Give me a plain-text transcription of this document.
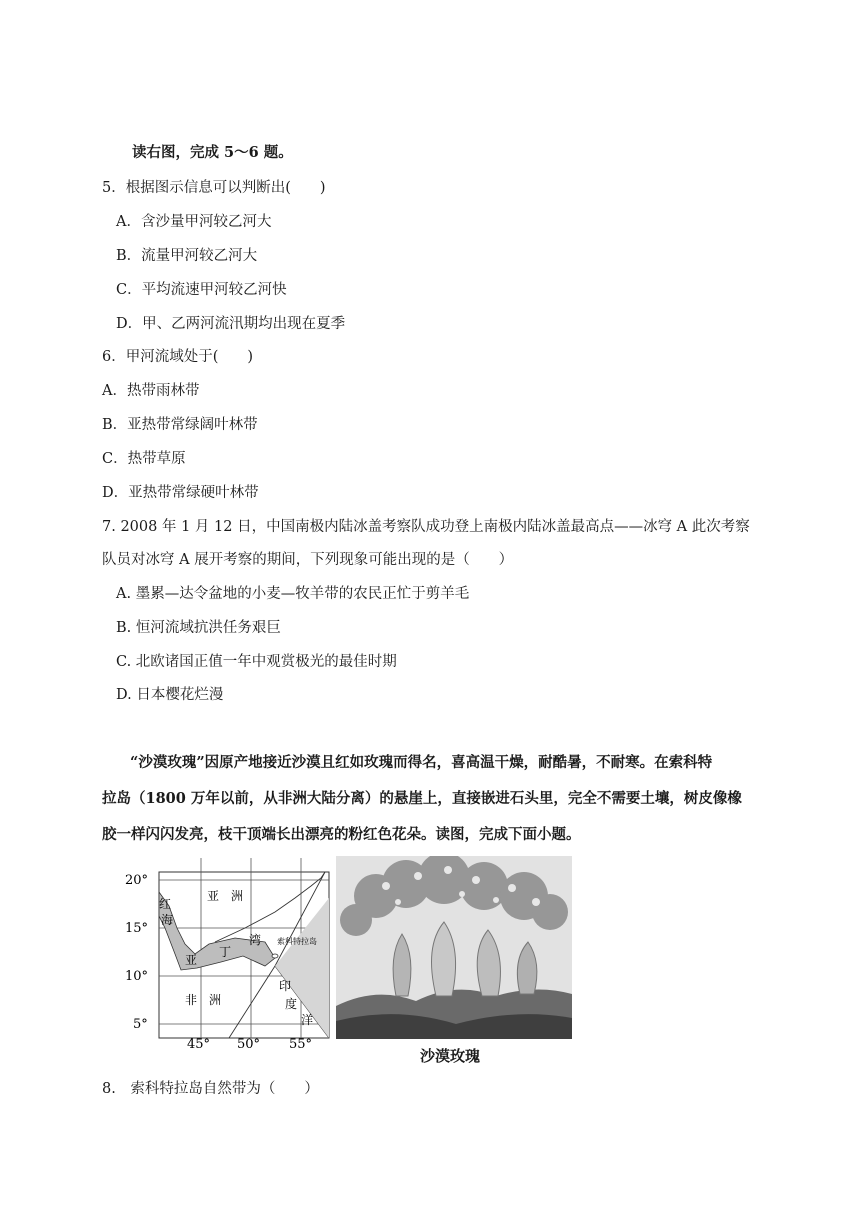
读右图，完成 5～6 题。
5．根据图示信息可以判断出(　　)
A．含沙量甲河较乙河大
B．流量甲河较乙河大
C．平均流速甲河较乙河快
D．甲、乙两河流汛期均出现在夏季
6．甲河流域处于(　　)
A．热带雨林带
B．亚热带常绿阔叶林带
C．热带草原
D．亚热带常绿硬叶林带
7. 2008 年 1 月 12 日，中国南极内陆冰盖考察队成功登上南极内陆冰盖最高点——冰穹 A 此次考察
队员对冰穹 A 展开考察的期间，下列现象可能出现的是（　　）
A. 墨累—达令盆地的小麦—牧羊带的农民正忙于剪羊毛
B. 恒河流域抗洪任务艰巨
C. 北欧诸国正值一年中观赏极光的最佳时期
D. 日本樱花烂漫

“沙漠玫瑰”因原产地接近沙漠且红如玫瑰而得名，喜高温干燥，耐酷暑，不耐寒。在索科特

拉岛（1800 万年以前，从非洲大陆分离）的悬崖上，直接嵌进石头里，完全不需要土壤，树皮像橡

胶一样闪闪发亮，枝干顶端长出漂亮的粉红色花朵。读图，完成下面小题。

20°
15°
10°
5°
45° 50° 55°
亚　洲
红
海
亚
丁
湾 索科特拉岛
非　洲
印
度
洋
沙漠玫瑰
8.　索科特拉岛自然带为（　　）
